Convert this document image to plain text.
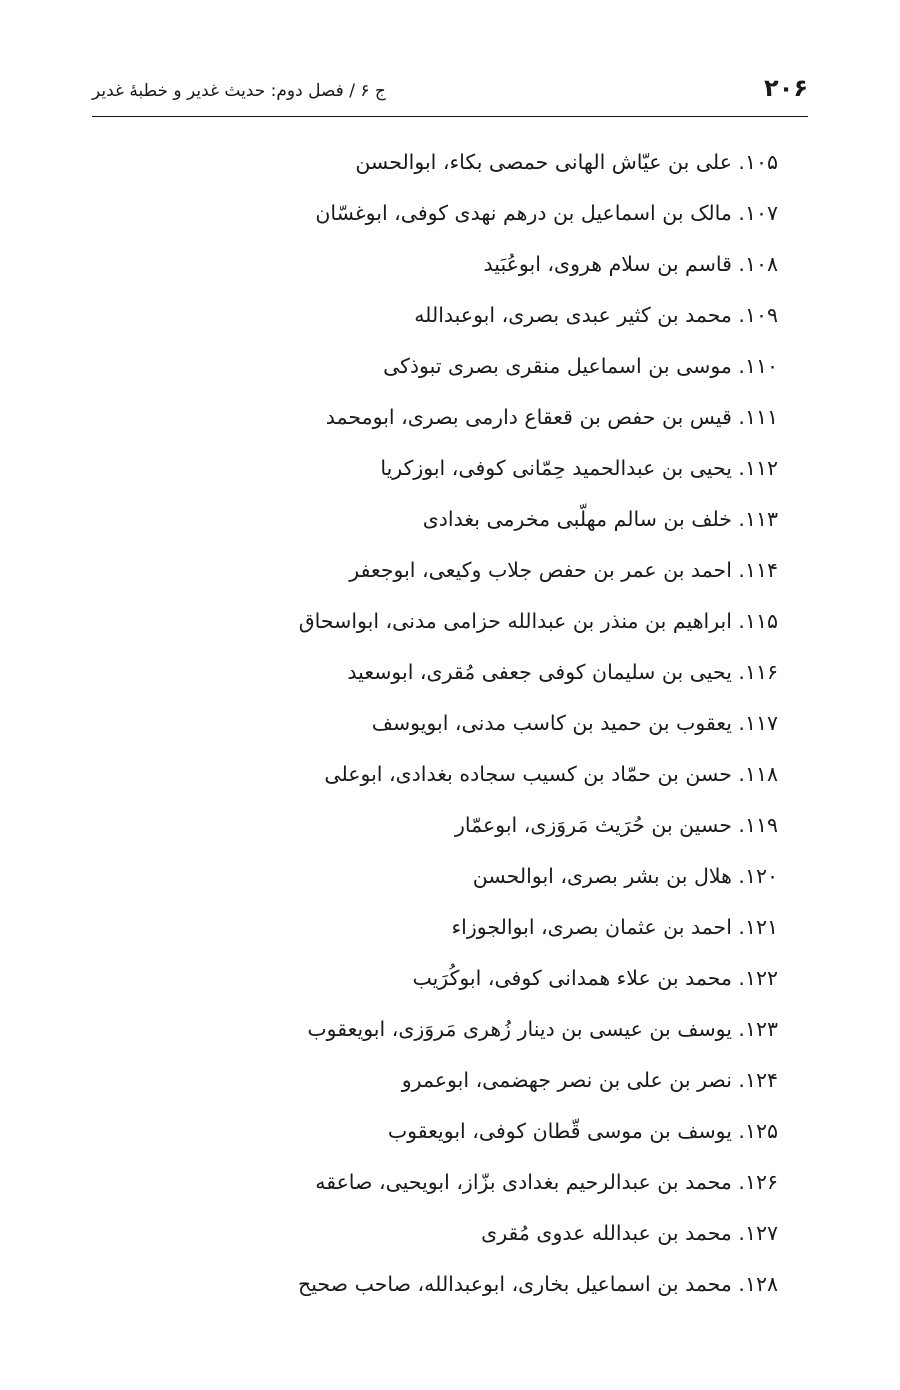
۲۰۶
ج ۶ / فصل دوم: حدیث غدیر و خطبهٔ غدیر
۱۰۵. علی بن عیّاش الهانی حمصی بکاء، ابوالحسن
۱۰۷. مالک بن اسماعیل بن درهم نهدی کوفی، ابوغسّان
۱۰۸. قاسم بن سلام هروی، ابوعُبَید
۱۰۹. محمد بن کثیر عبدی بصری، ابوعبدالله
۱۱۰. موسی بن اسماعیل منقری بصری تبوذکی
۱۱۱. قیس بن حفص بن قعقاع دارمی بصری، ابومحمد
۱۱۲. یحیی بن عبدالحمید حِمّانی کوفی، ابوزکریا
۱۱۳. خلف بن سالم مهلّبی مخرمی بغدادی
۱۱۴. احمد بن عمر بن حفص جلاب وکیعی، ابوجعفر
۱۱۵. ابراهیم بن منذر بن عبدالله حزامی مدنی، ابواسحاق
۱۱۶. یحیی بن سلیمان کوفی جعفی مُقری، ابوسعید
۱۱۷. یعقوب بن حمید بن کاسب مدنی، ابویوسف
۱۱۸. حسن بن حمّاد بن کسیب سجاده بغدادی، ابوعلی
۱۱۹. حسین بن حُرَیث مَروَزی، ابوعمّار
۱۲۰. هلال بن بشر بصری، ابوالحسن
۱۲۱. احمد بن عثمان بصری، ابوالجوزاء
۱۲۲. محمد بن علاء همدانی کوفی، ابوکُرَیب
۱۲۳. یوسف بن عیسی بن دینار زُهری مَروَزی، ابویعقوب
۱۲۴. نصر بن علی بن نصر جهضمی، ابوعمرو
۱۲۵. یوسف بن موسی قّطان کوفی، ابویعقوب
۱۲۶. محمد بن عبدالرحیم بغدادی بزّاز، ابویحیی، صاعقه
۱۲۷. محمد بن عبدالله عدوی مُقری
۱۲۸. محمد بن اسماعیل بخاری، ابوعبدالله، صاحب صحیح
